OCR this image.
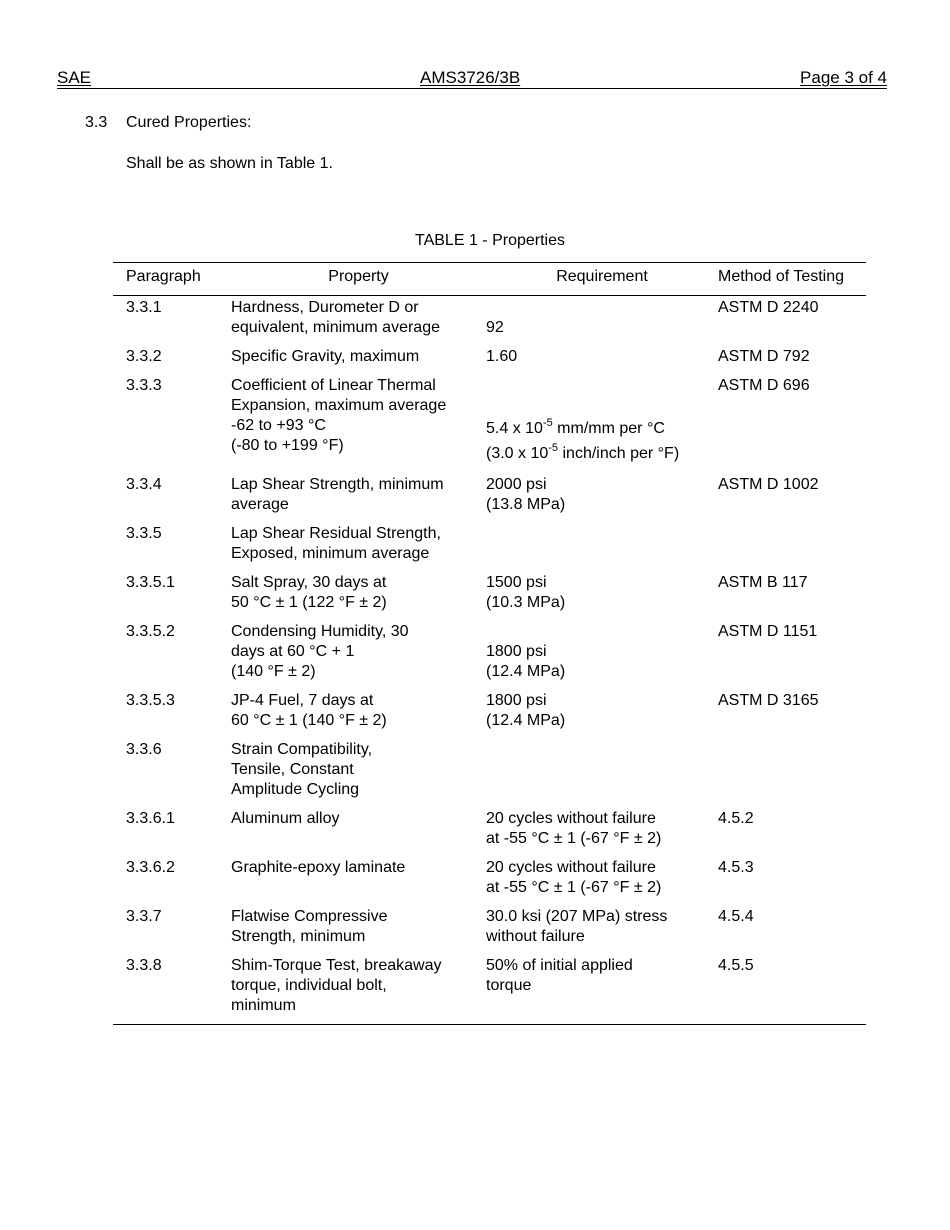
SAE	AMS3726/3B	Page 3 of 4
3.3 Cured Properties:
Shall be as shown in Table 1.
TABLE 1 - Properties
Paragraph	Property	Requirement	Method of Testing
3.3.1	Hardness, Durometer D or
equivalent, minimum average	92	ASTM D 2240
3.3.2	Specific Gravity, maximum	1.60	ASTM D 792
3.3.3	Coefficient of Linear Thermal
Expansion, maximum average
-62 to +93 °C
(-80 to +199 °F)	5.4 x $10^{-5}$ mm/mm per °C
(3.0 x $10^{-5}$ inch/inch per °F)	ASTM D 696
3.3.4	Lap Shear Strength, minimum
average	2000 psi
(13.8 MPa)	ASTM D 1002
3.3.5	Lap Shear Residual Strength,
Exposed, minimum average		

3.3.5.1	Salt Spray, 30 days at
50 °C ± 1 (122 °F ± 2)	1500 psi
(10.3 MPa)	ASTM B 117
3.3.5.2	Condensing Humidity, 30
days at 60 °C + 1
(140 °F ± 2)	1800 psi
(12.4 MPa)	ASTM D 1151
3.3.5.3	JP-4 Fuel, 7 days at
60 °C ± 1 (140 °F ± 2)	1800 psi
(12.4 MPa)	ASTM D 3165
3.3.6	Strain Compatibility,
Tensile, Constant
Amplitude Cycling		

3.3.6.1	Aluminum alloy	20 cycles without failure
at -55 °C ± 1 (-67 °F ± 2)	4.5.2
3.3.6.2	Graphite-epoxy laminate	20 cycles without failure
at -55 °C ± 1 (-67 °F ± 2)	4.5.3
3.3.7	Flatwise Compressive
Strength, minimum	30.0 ksi (207 MPa) stress
without failure	4.5.4
3.3.8	Shim-Torque Test, breakaway
torque, individual bolt,
minimum	50% of initial applied
torque	4.5.5
